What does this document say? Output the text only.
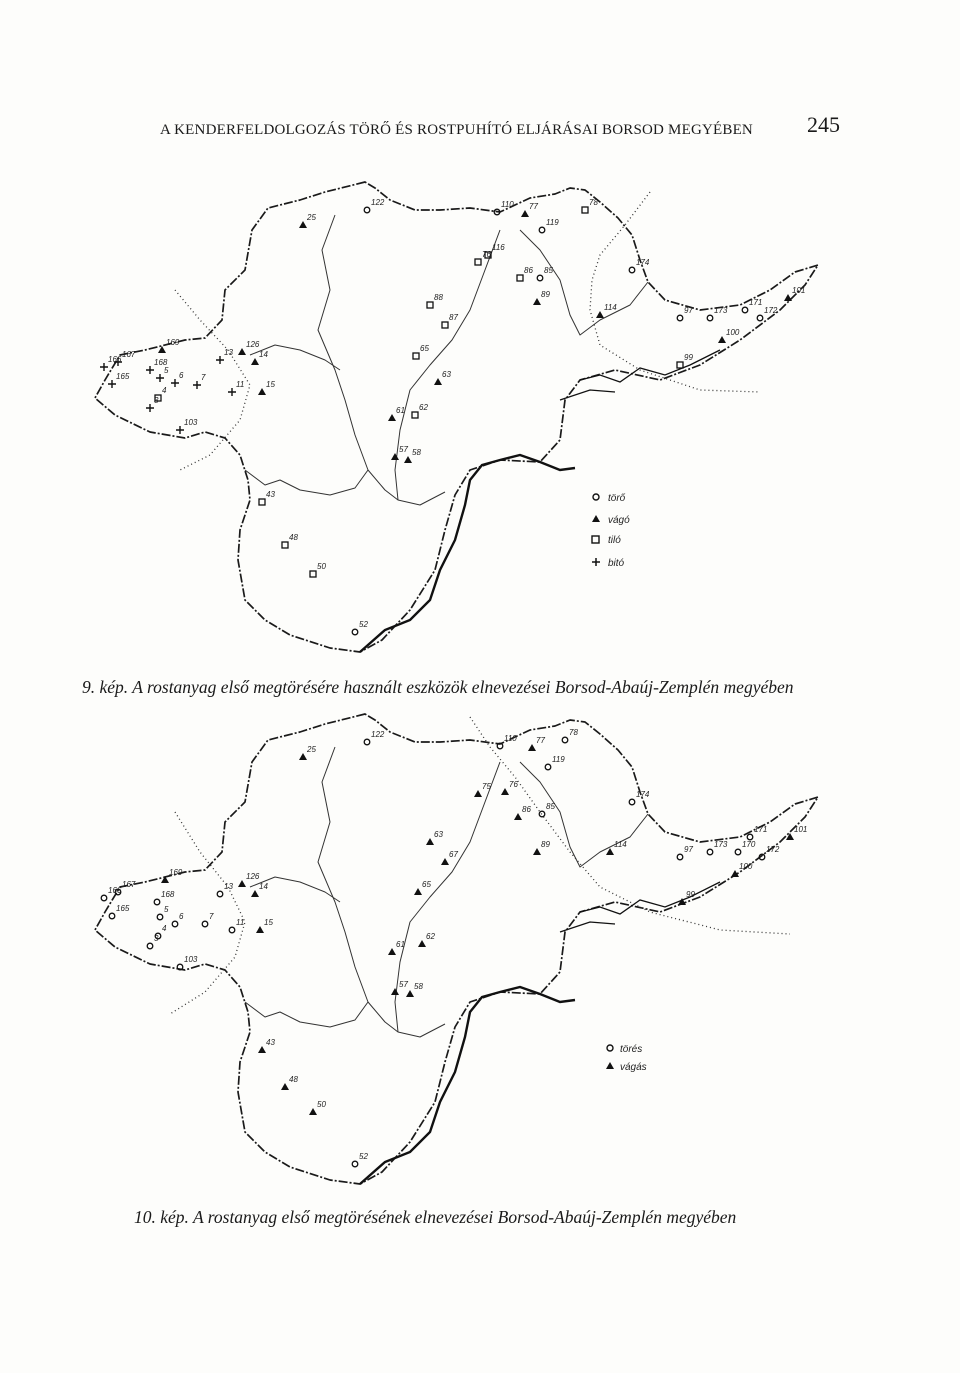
A KENDERFELDOLGOZÁS TÖRŐ ÉS ROSTPUHÍTÓ ELJÁRÁSAI BORSOD MEGYÉBEN 245
25
122	110 77	78
119
116
76
86 85
89
174
88
87
114	97	173
171
172
101
100
99
65
63
62
61
57 58
169
167
166	168
165
5
6
4
3
7
103
13
126
14
11	15
43
48
50
52
törő
vágó
tiló
bitó
9. kép. A rostanyag első megtörésére használt eszközök elnevezései Borsod-Abaúj-Zemplén megyében
25
122	110 77
78
119
75 76
86 85
174
63
67
89	114
97
173 170
171
172
101
100
99
65
62
61
57 58
169
167
166	168
165	5
6
4
3
7
103
13
126
14
11 15
43
48
50
52
törés
vágás
10. kép. A rostanyag első megtörésének elnevezései Borsod-Abaúj-Zemplén megyében
